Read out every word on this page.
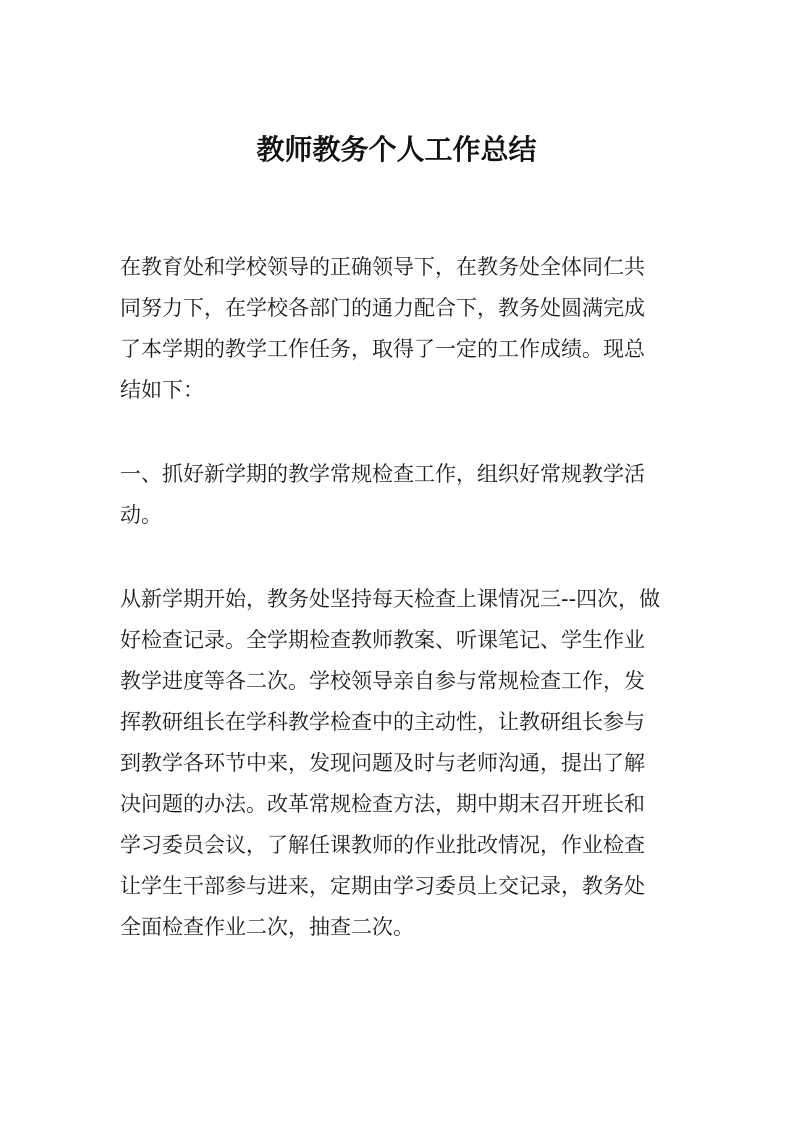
教师教务个人工作总结
在教育处和学校领导的正确领导下，在教务处全体同仁共
同努力下，在学校各部门的通力配合下，教务处圆满完成
了本学期的教学工作任务，取得了一定的工作成绩。现总
结如下：
一、抓好新学期的教学常规检查工作，组织好常规教学活
动。
从新学期开始，教务处坚持每天检查上课情况三--四次，做
好检查记录。全学期检查教师教案、听课笔记、学生作业
教学进度等各二次。学校领导亲自参与常规检查工作，发
挥教研组长在学科教学检查中的主动性，让教研组长参与
到教学各环节中来，发现问题及时与老师沟通，提出了解
决问题的办法。改革常规检查方法，期中期末召开班长和
学习委员会议，了解任课教师的作业批改情况，作业检查
让学生干部参与进来，定期由学习委员上交记录，教务处
全面检查作业二次，抽查二次。
